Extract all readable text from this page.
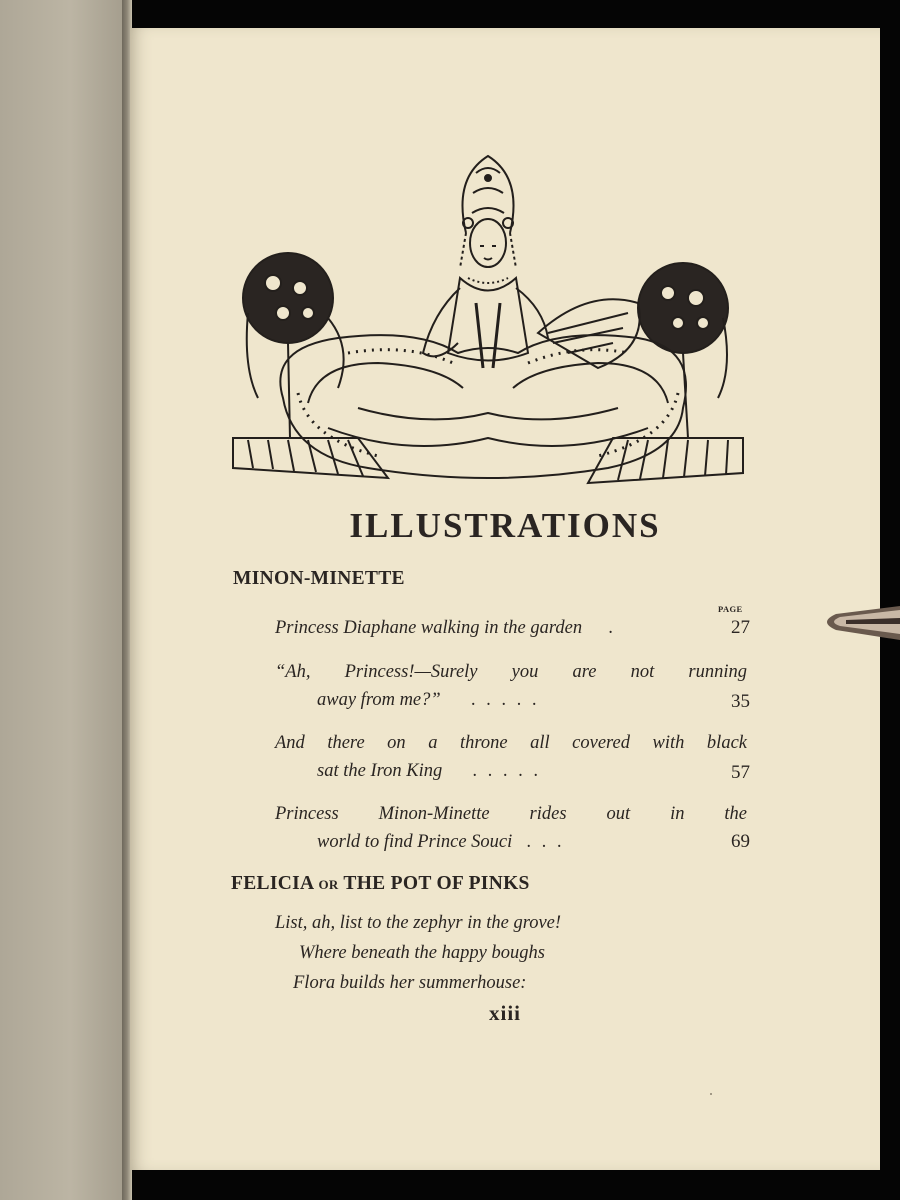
ILLUSTRATIONS
MINON-MINETTE
PAGE
Princess Diaphane walking in the garden .	27
“Ah, Princess!—Surely you are not running
away from me?” . . . . .	35
And there on a throne all covered with black
sat the Iron King . . . . .	57
Princess Minon-Minette rides out in the
world to find Prince Souci . . .	69
FELICIA OR THE POT OF PINKS
List, ah, list to the zephyr in the grove!
Where beneath the happy boughs
Flora builds her summerhouse:
xiii
